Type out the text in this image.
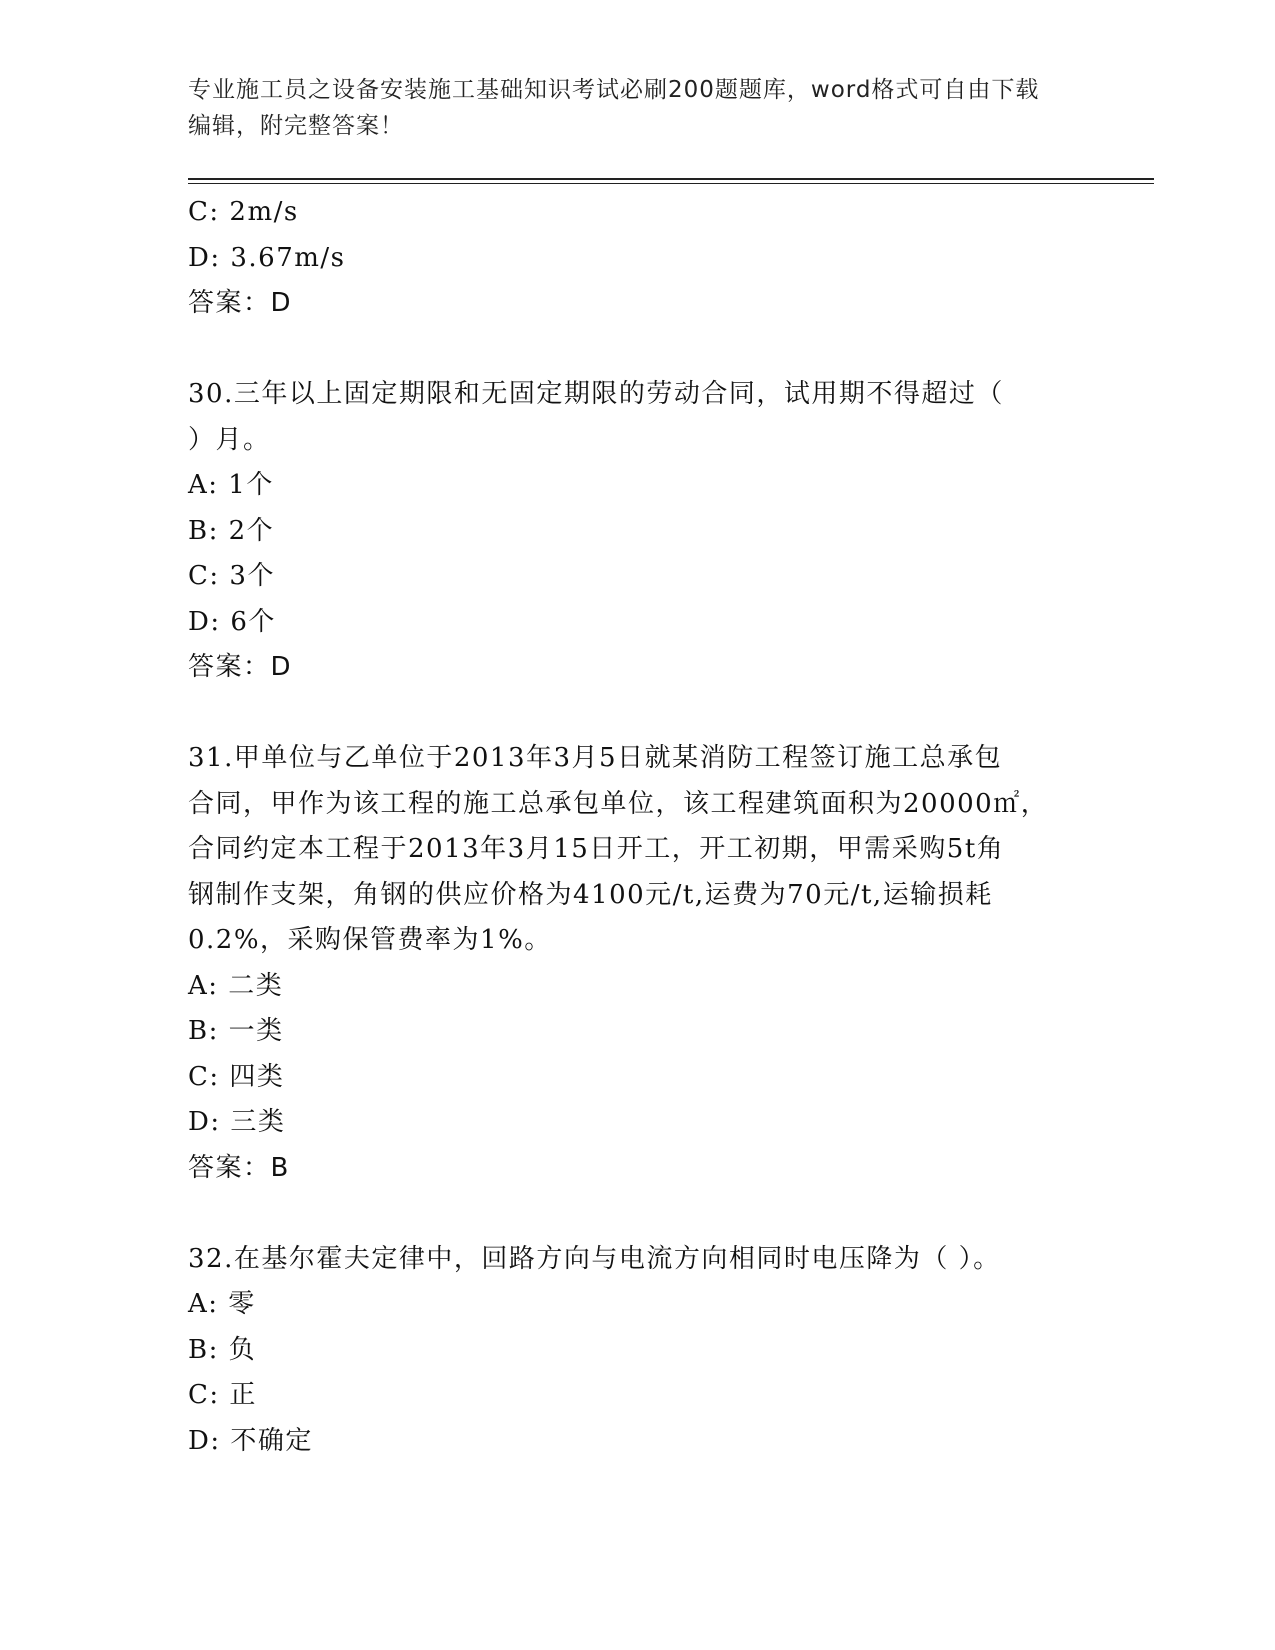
专业施工员之设备安装施工基础知识考试必刷200题题库，word格式可自由下载
编辑，附完整答案！

C: 2m/s

D: 3.67m/s

答案：D

30.三年以上固定期限和无固定期限的劳动合同，试用期不得超过（

）月。

A: 1个

B: 2个

C: 3个

D: 6个

答案：D

31.甲单位与乙单位于2013年3月5日就某消防工程签订施工总承包

合同，甲作为该工程的施工总承包单位，该工程建筑面积为20000㎡，

合同约定本工程于2013年3月15日开工，开工初期，甲需采购5t角

钢制作支架，角钢的供应价格为4100元/t,运费为70元/t,运输损耗

0.2%，采购保管费率为1%。

A: 二类

B: 一类

C: 四类

D: 三类

答案：B

32.在基尔霍夫定律中，回路方向与电流方向相同时电压降为（ ）。

A: 零

B: 负

C: 正

D: 不确定
